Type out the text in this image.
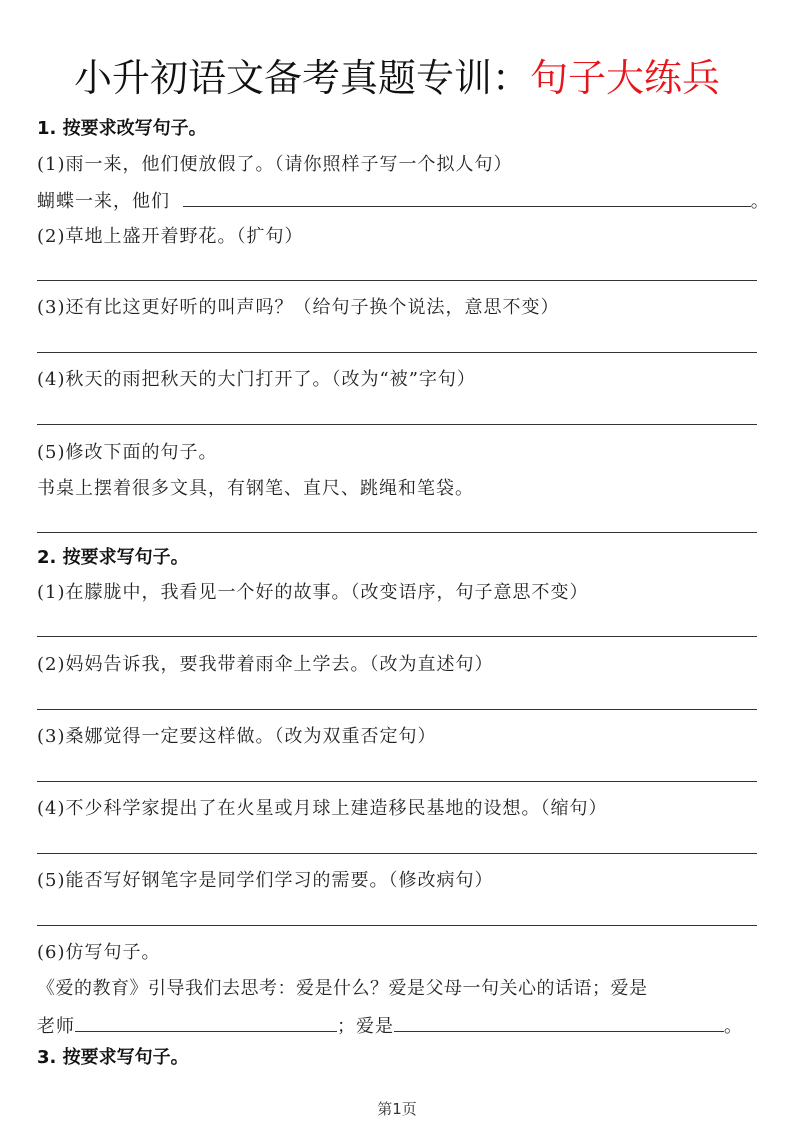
小升初语文备考真题专训：句子大练兵
1. 按要求改写句子。
(1)雨一来，他们便放假了。（请你照样子写一个拟人句）
蝴蝶一来，他们	。
(2)草地上盛开着野花。（扩句）
(3)还有比这更好听的叫声吗？（给句子换个说法，意思不变）
(4)秋天的雨把秋天的大门打开了。（改为“被”字句）
(5)修改下面的句子。
书桌上摆着很多文具，有钢笔、直尺、跳绳和笔袋。
2. 按要求写句子。
(1)在朦胧中，我看见一个好的故事。（改变语序，句子意思不变）
(2)妈妈告诉我，要我带着雨伞上学去。（改为直述句）
(3)桑娜觉得一定要这样做。（改为双重否定句）
(4)不少科学家提出了在火星或月球上建造移民基地的设想。（缩句）
(5)能否写好钢笔字是同学们学习的需要。（修改病句）
(6)仿写句子。
《爱的教育》引导我们去思考：爱是什么？爱是父母一句关心的话语；爱是
老师	；爱是	。
3. 按要求写句子。
第1页
